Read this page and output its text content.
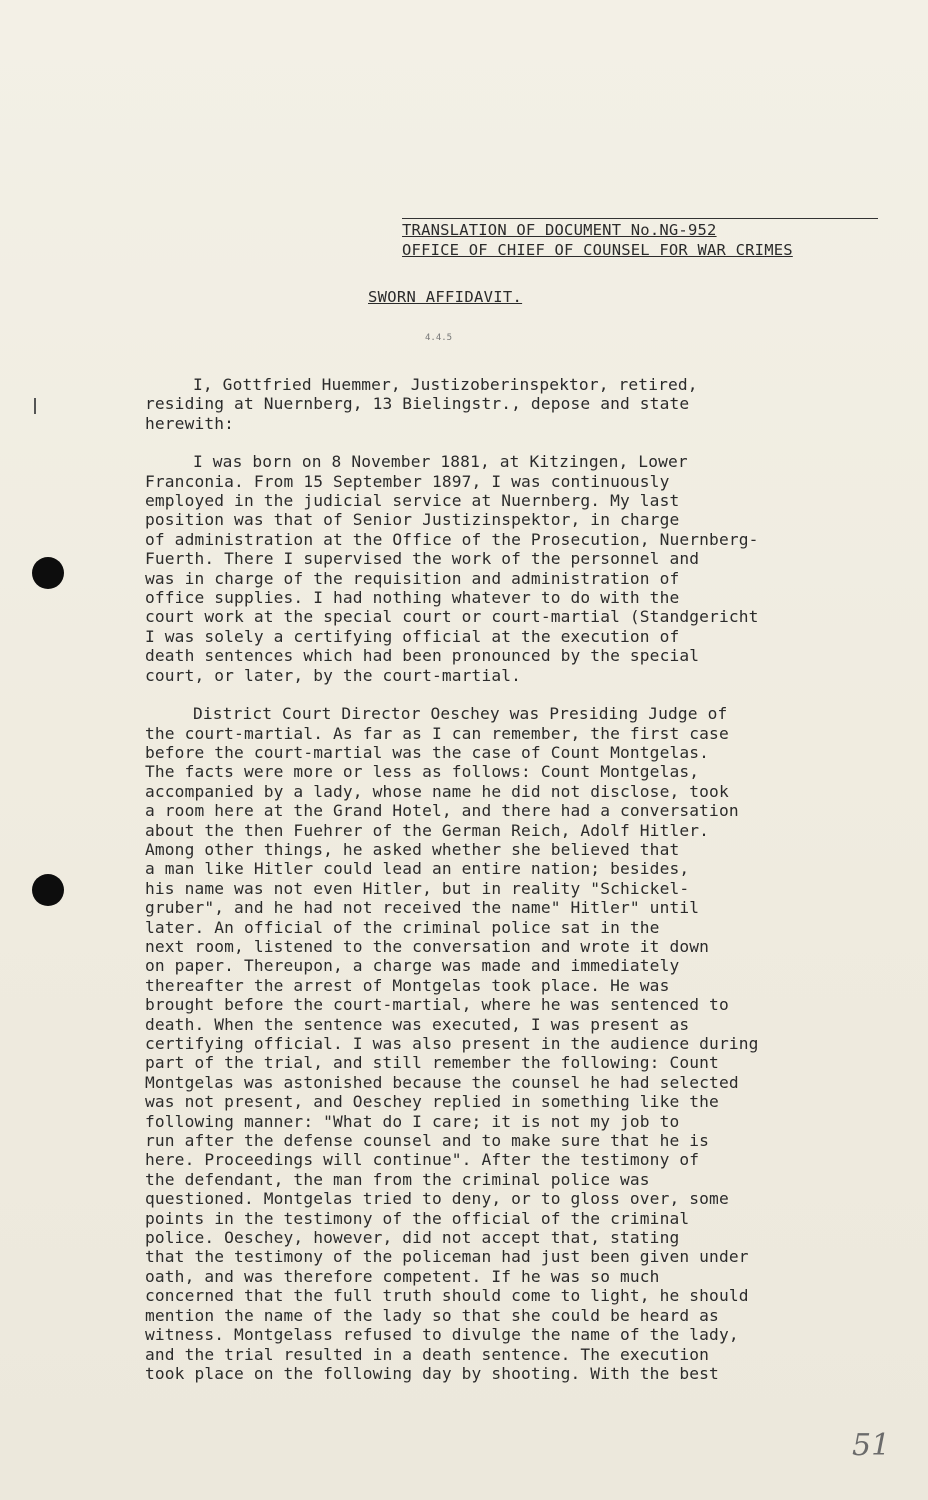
TRANSLATION OF DOCUMENT No.NG-952
OFFICE OF CHIEF OF COUNSEL FOR WAR CRIMES
SWORN AFFIDAVIT.
4.4.5
I, Gottfried Huemmer, Justizoberinspektor, retired,
residing at Nuernberg, 13 Bielingstr., depose and state
herewith:
I was born on 8 November 1881, at Kitzingen, Lower
Franconia. From 15 September 1897, I was continuously
employed in the judicial service at Nuernberg. My last
position was that of Senior Justizinspektor, in charge
of administration at the Office of the Prosecution, Nuernberg-
Fuerth. There I supervised the work of the personnel and
was in charge of the requisition and administration of
office supplies. I had nothing whatever to do with the
court work at the special court or court-martial (Standgericht
I was solely a certifying official at the execution of
death sentences which had been pronounced by the special
court, or later, by the court-martial.
District Court Director Oeschey was Presiding Judge of
the court-martial. As far as I can remember, the first case
before the court-martial was the case of Count Montgelas.
The facts were more or less as follows: Count Montgelas,
accompanied by a lady, whose name he did not disclose, took
a room here at the Grand Hotel, and there had a conversation
about the then Fuehrer of the German Reich, Adolf Hitler.
Among other things, he asked whether she believed that
a man like Hitler could lead an entire nation; besides,
his name was not even Hitler, but in reality "Schickel-
gruber", and he had not received the name" Hitler" until
later. An official of the criminal police sat in the
next room, listened to the conversation and wrote it down
on paper. Thereupon, a charge was made and immediately
thereafter the arrest of Montgelas took place. He was
brought before the court-martial, where he was sentenced to
death. When the sentence was executed, I was present as
certifying official. I was also present in the audience during
part of the trial, and still remember the following: Count
Montgelas was astonished because the counsel he had selected
was not present, and Oeschey replied in something like the
following manner: "What do I care; it is not my job to
run after the defense counsel and to make sure that he is
here. Proceedings will continue". After the testimony of
the defendant, the man from the criminal police was
questioned. Montgelas tried to deny, or to gloss over, some
points in the testimony of the official of the criminal
police. Oeschey, however, did not accept that, stating
that the testimony of the policeman had just been given under
oath, and was therefore competent. If he was so much
concerned that the full truth should come to light, he should
mention the name of the lady so that she could be heard as
witness. Montgelass refused to divulge the name of the lady,
and the trial resulted in a death sentence. The execution
took place on the following day by shooting. With the best
51
